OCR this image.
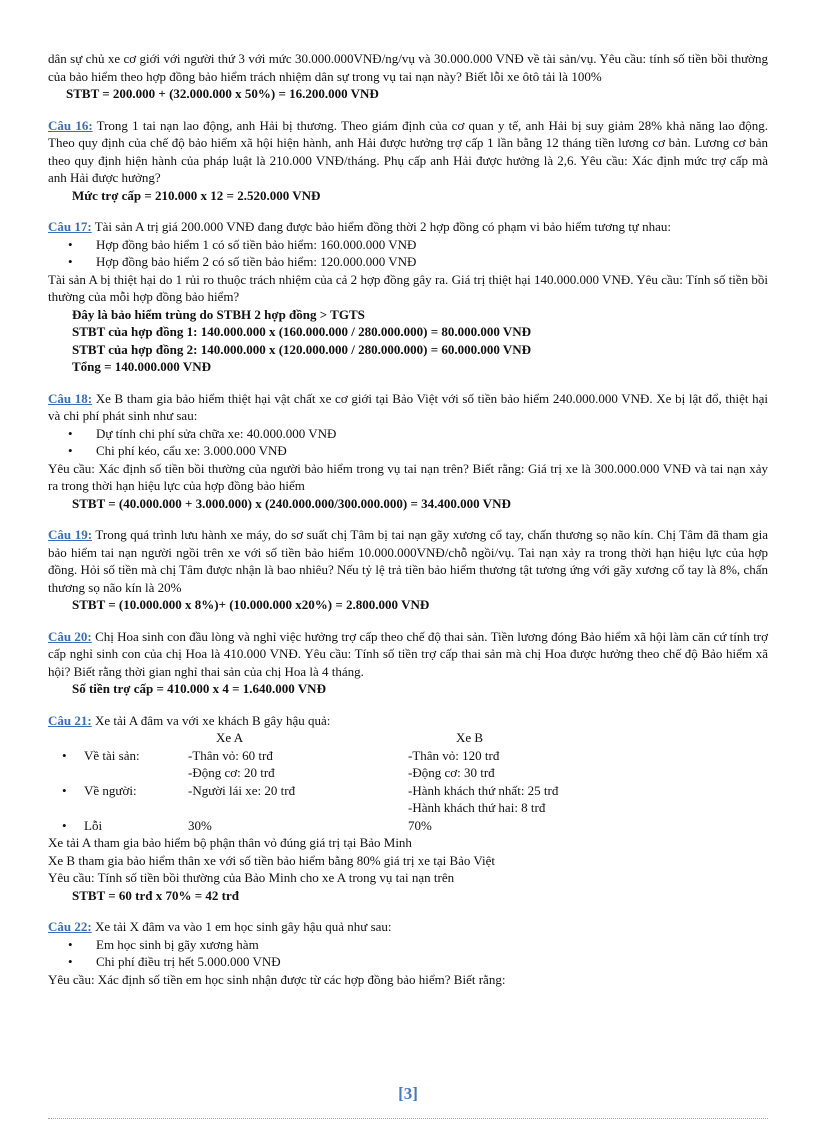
dân sự chủ xe cơ giới với người thứ 3 với mức 30.000.000VNĐ/ng/vụ và 30.000.000 VNĐ về tài sản/vụ. Yêu cầu: tính số tiền bồi thường của bảo hiểm theo hợp đồng bảo hiểm trách nhiệm dân sự trong vụ tai nạn này? Biết lỗi xe ôtô tải là 100%

STBT = 200.000 + (32.000.000 x 50%) = 16.200.000 VNĐ

Câu 16: Trong 1 tai nạn lao động, anh Hải bị thương. Theo giám định của cơ quan y tế, anh Hải bị suy giảm 28% khả năng lao động. Theo quy định của chế độ bảo hiểm xã hội hiện hành, anh Hải được hưởng trợ cấp 1 lần bằng 12 tháng tiền lương cơ bản. Lương cơ bản theo quy định hiện hành của pháp luật là 210.000 VNĐ/tháng. Phụ cấp anh Hải được hưởng là 2,6. Yêu cầu: Xác định mức trợ cấp mà anh Hải được hưởng?

Mức trợ cấp = 210.000 x 12 = 2.520.000 VNĐ

Câu 17: Tài sản A trị giá 200.000 VNĐ đang được bảo hiểm đồng thời 2 hợp đồng có phạm vi bảo hiểm tương tự nhau:

• Hợp đồng bảo hiểm 1 có số tiền bảo hiểm: 160.000.000 VNĐ
• Hợp đồng bảo hiểm 2 có số tiền bảo hiểm: 120.000.000 VNĐ

Tài sản A bị thiệt hại do 1 rủi ro thuộc trách nhiệm của cả 2 hợp đồng gây ra. Giá trị thiệt hại 140.000.000 VNĐ. Yêu cầu: Tính số tiền bồi thường của mỗi hợp đồng bảo hiểm?

Đây là bảo hiểm trùng do STBH 2 hợp đồng > TGTS

STBT của hợp đồng 1: 140.000.000 x (160.000.000 / 280.000.000) = 80.000.000 VNĐ

STBT của hợp đồng 2: 140.000.000 x (120.000.000 / 280.000.000) = 60.000.000 VNĐ

Tổng = 140.000.000 VNĐ

Câu 18: Xe B tham gia bảo hiểm thiệt hại vật chất xe cơ giới tại Bảo Việt với số tiền bảo hiểm 240.000.000 VNĐ. Xe bị lật đổ, thiệt hại và chi phí phát sinh như sau:

• Dự tính chi phí sửa chữa xe: 40.000.000 VNĐ
• Chi phí kéo, cẩu xe: 3.000.000 VNĐ

Yêu cầu: Xác định số tiền bồi thường của người bảo hiểm trong vụ tai nạn trên? Biết rằng: Giá trị xe là 300.000.000 VNĐ và tai nạn xảy ra trong thời hạn hiệu lực của hợp đồng bảo hiểm

STBT = (40.000.000 + 3.000.000) x (240.000.000/300.000.000) = 34.400.000 VNĐ

Câu 19: Trong quá trình lưu hành xe máy, do sơ suất chị Tâm bị tai nạn gãy xương cổ tay, chấn thương sọ não kín. Chị Tâm đã tham gia bảo hiểm tai nạn người ngồi trên xe với số tiền bảo hiểm 10.000.000VNĐ/chỗ ngồi/vụ. Tai nạn xảy ra trong thời hạn hiệu lực của hợp đồng. Hỏi số tiền mà chị Tâm được nhận là bao nhiêu? Nếu tỷ lệ trả tiền bảo hiểm thương tật tương ứng với gãy xương cổ tay là 8%, chấn thương sọ não kín là 20%

STBT = (10.000.000 x 8%)+ (10.000.000 x20%) = 2.800.000 VNĐ

Câu 20: Chị Hoa sinh con đầu lòng và nghỉ việc hưởng trợ cấp theo chế độ thai sản. Tiền lương đóng Bảo hiểm xã hội làm căn cứ tính trợ cấp nghỉ sinh con của chị Hoa là 410.000 VNĐ. Yêu cầu: Tính số tiền trợ cấp thai sản mà chị Hoa được hưởng theo chế độ Bảo hiểm xã hội? Biết rằng thời gian nghỉ thai sản của chị Hoa là 4 tháng.

Số tiền trợ cấp = 410.000 x 4 = 1.640.000 VNĐ

Câu 21: Xe tải A đâm va với xe khách B gây hậu quả:

		Xe A	Xe B
•	Về tài sản:	-Thân vỏ: 60 trđ	-Thân vỏ: 120 trđ
		-Động cơ: 20 trđ	-Động cơ: 30 trđ
•	Về người:	-Người lái xe: 20 trđ	-Hành khách thứ nhất: 25 trđ
			-Hành khách thứ hai: 8 trđ
•	Lỗi	30%	70%

Xe tải A tham gia bảo hiểm bộ phận thân vỏ đúng giá trị tại Bảo Minh

Xe B tham gia bảo hiểm thân xe với số tiền bảo hiểm bằng 80% giá trị xe tại Bảo Việt

Yêu cầu: Tính số tiền bồi thường của Bảo Minh cho xe A trong vụ tai nạn trên

STBT = 60 trđ x 70% = 42 trđ

Câu 22: Xe tải X đâm va vào 1 em học sinh gây hậu quả như sau:

• Em học sinh bị gãy xương hàm
• Chi phí điều trị hết 5.000.000 VNĐ

Yêu cầu: Xác định số tiền em học sinh nhận được từ các hợp đồng bảo hiểm? Biết rằng:

[3]
